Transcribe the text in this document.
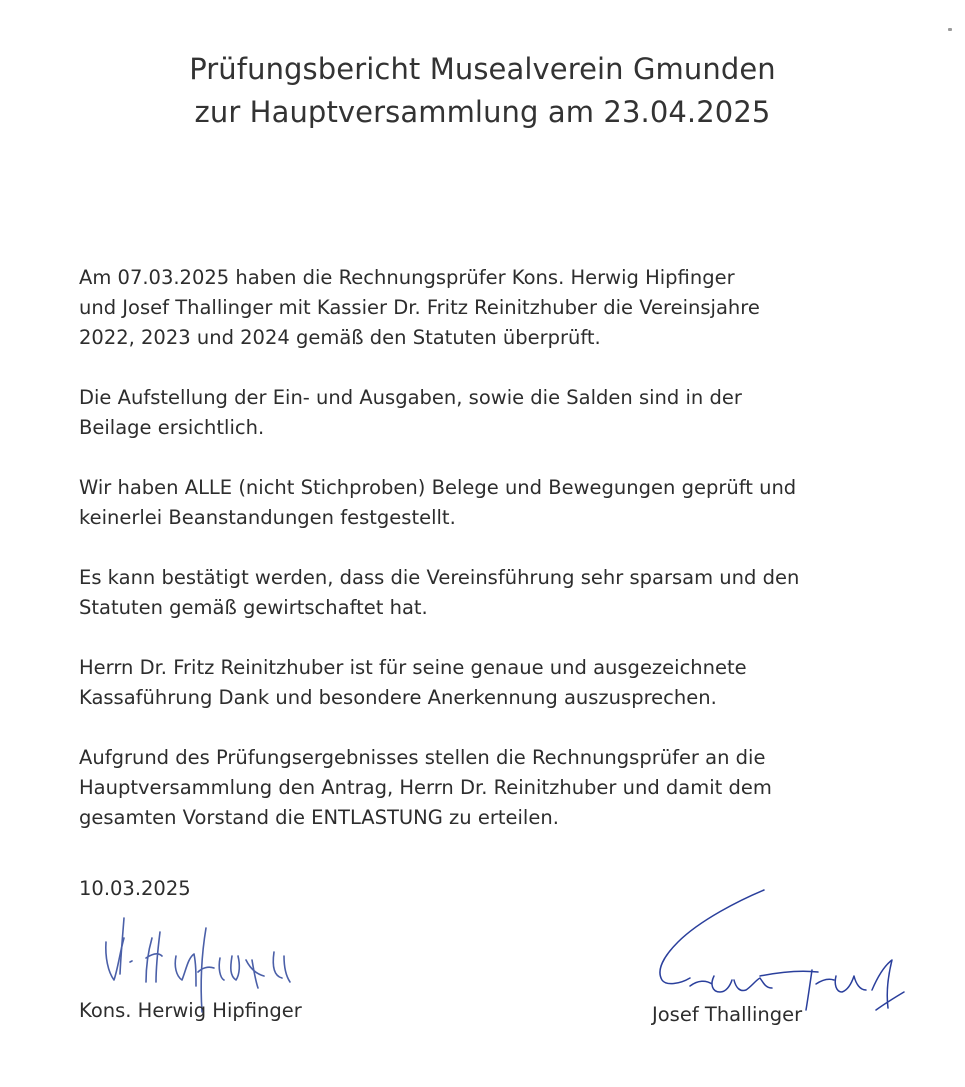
Prüfungsbericht Musealverein Gmunden
zur Hauptversammlung am 23.04.2025
Am 07.03.2025 haben die Rechnungsprüfer Kons. Herwig Hipfinger
und Josef Thallinger mit Kassier Dr. Fritz Reinitzhuber die Vereinsjahre
2022, 2023 und 2024 gemäß den Statuten überprüft.
Die Aufstellung der Ein- und Ausgaben, sowie die Salden sind in der
Beilage ersichtlich.
Wir haben ALLE (nicht Stichproben) Belege und Bewegungen geprüft und
keinerlei Beanstandungen festgestellt.
Es kann bestätigt werden, dass die Vereinsführung sehr sparsam und den
Statuten gemäß gewirtschaftet hat.
Herrn Dr. Fritz Reinitzhuber ist für seine genaue und ausgezeichnete
Kassaführung Dank und besondere Anerkennung auszusprechen.
Aufgrund des Prüfungsergebnisses stellen die Rechnungsprüfer an die
Hauptversammlung den Antrag, Herrn Dr. Reinitzhuber und damit dem
gesamten Vorstand die ENTLASTUNG zu erteilen.
10.03.2025
Kons. Herwig Hipfinger	Josef Thallinger
